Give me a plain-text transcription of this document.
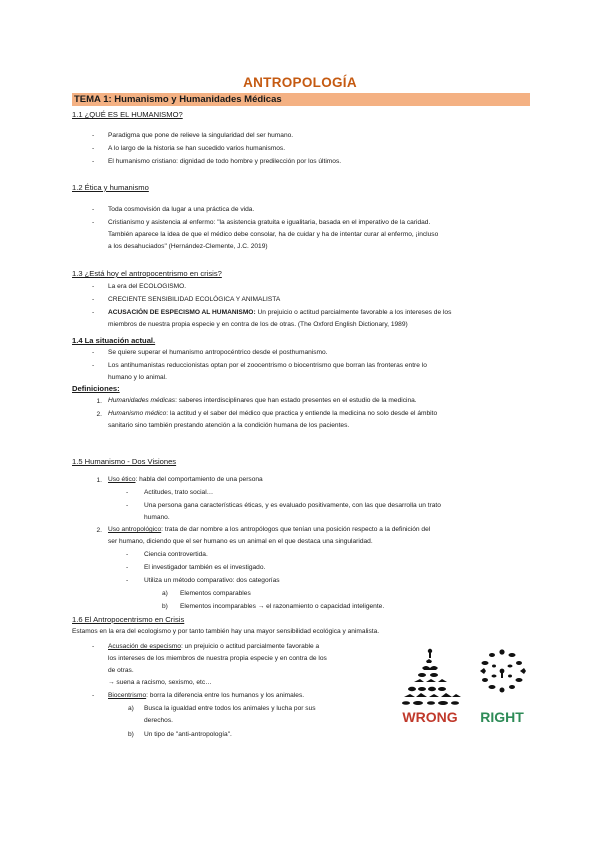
ANTROPOLOGÍA
TEMA 1: Humanismo y Humanidades Médicas
1.1 ¿QUÉ ES EL HUMANISMO?
- Paradigma que pone de relieve la singularidad del ser humano.
- A lo largo de la historia se han sucedido varios humanismos.
- El humanismo cristiano: dignidad de todo hombre y predilección por los últimos.
1.2 Ética y humanismo
- Toda cosmovisión da lugar a una práctica de vida.
- Cristianismo y asistencia al enfermo: "la asistencia gratuita e igualitaria, basada en el imperativo de la caridad.
También aparece la idea de que el médico debe consolar, ha de cuidar y ha de intentar curar al enfermo, ¡incluso
a los desahuciados" (Hernández-Clemente, J.C. 2019)
1.3 ¿Está hoy el antropocentrismo en crisis?
- La era del ECOLOGISMO.
- CRECIENTE SENSIBILIDAD ECOLÓGICA Y ANIMALISTA
- ACUSACIÓN DE ESPECISMO AL HUMANISMO: Un prejuicio o actitud parcialmente favorable a los intereses de los
miembros de nuestra propia especie y en contra de los de otras. (The Oxford English Dictionary, 1989)
1.4 La situación actual.
- Se quiere superar el humanismo antropocéntrico desde el posthumanismo.
- Los antihumanistas reduccionistas optan por el zoocentrismo o biocentrismo que borran las fronteras entre lo
humano y lo animal.
Definiciones:
1. Humanidades médicas: saberes interdisciplinares que han estado presentes en el estudio de la medicina.
2. Humanismo médico: la actitud y el saber del médico que practica y entiende la medicina no solo desde el ámbito
sanitario sino también prestando atención a la condición humana de los pacientes.
1.5 Humanismo - Dos Visiones
1. Uso ético: habla del comportamiento de una persona
- Actitudes, trato social…
- Una persona gana características éticas, y es evaluado positivamente, con las que desarrolla un trato
humano.
2. Uso antropológico: trata de dar nombre a los antropólogos que tenían una posición respecto a la definición del
ser humano, diciendo que el ser humano es un animal en el que destaca una singularidad.
- Ciencia controvertida.
- El investigador también es el investigado.
- Utiliza un método comparativo: dos categorías
a) Elementos comparables
b) Elementos incomparables → el razonamiento o capacidad inteligente.
1.6 El Antropocentrismo en Crisis
Estamos en la era del ecologismo y por tanto también hay una mayor sensibilidad ecológica y animalista.
- Acusación de especismo: un prejuicio o actitud parcialmente favorable a
los intereses de los miembros de nuestra propia especie y en contra de los
de otras.
→ suena a racismo, sexismo, etc…
- Biocentrismo: borra la diferencia entre los humanos y los animales.
a) Busca la igualdad entre todos los animales y lucha por sus
derechos.
b) Un tipo de "anti-antropología".
WRONG RIGHT
